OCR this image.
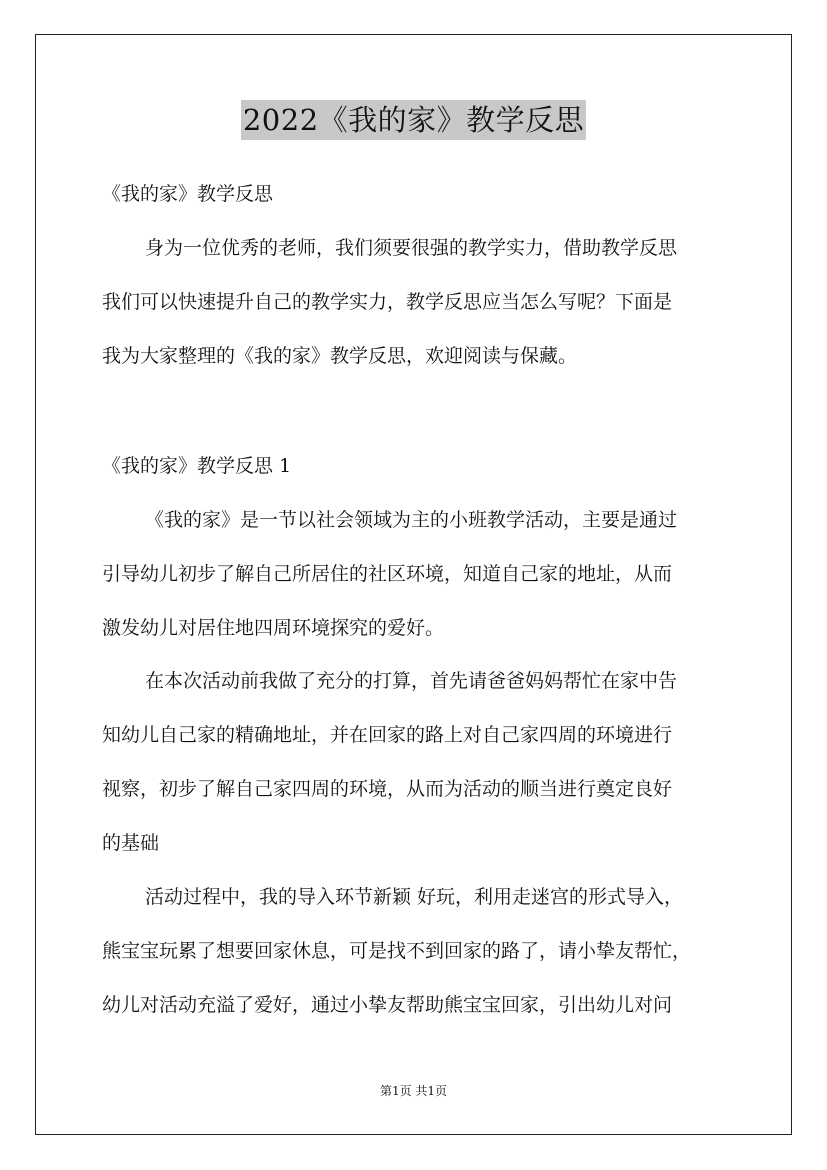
2022《我的家》教学反思
《我的家》教学反思
身为一位优秀的老师，我们须要很强的教学实力，借助教学反思
我们可以快速提升自己的教学实力，教学反思应当怎么写呢？下面是
我为大家整理的《我的家》教学反思，欢迎阅读与保藏。
《我的家》教学反思 1
《我的家》是一节以社会领域为主的小班教学活动，主要是通过
引导幼儿初步了解自己所居住的社区环境，知道自己家的地址，从而
激发幼儿对居住地四周环境探究的爱好。
在本次活动前我做了充分的打算，首先请爸爸妈妈帮忙在家中告
知幼儿自己家的精确地址，并在回家的路上对自己家四周的环境进行
视察，初步了解自己家四周的环境，从而为活动的顺当进行奠定良好
的基础
活动过程中，我的导入环节新颖 好玩，利用走迷宫的形式导入，
熊宝宝玩累了想要回家休息，可是找不到回家的路了，请小挚友帮忙，
幼儿对活动充溢了爱好，通过小挚友帮助熊宝宝回家，引出幼儿对问
第1页 共1页
